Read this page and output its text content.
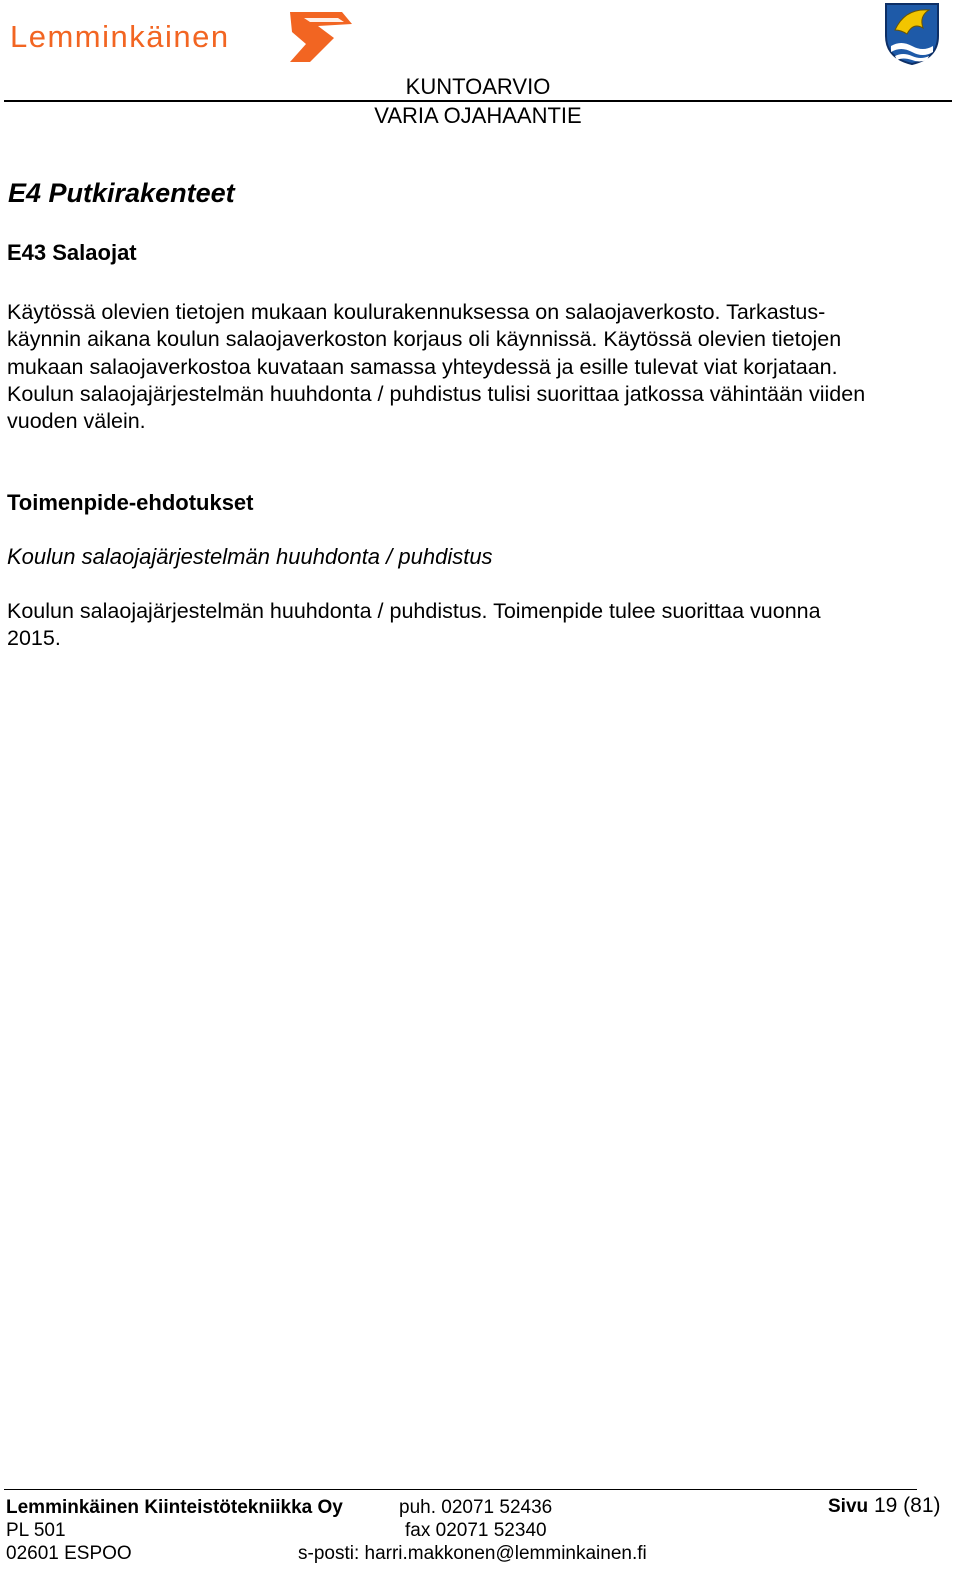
Lemminkäinen
KUNTOARVIO
VARIA OJAHAANTIE
E4 Putkirakenteet
E43 Salaojat
Käytössä olevien tietojen mukaan koulurakennuksessa on salaojaverkosto. Tarkastus-
käynnin aikana koulun salaojaverkoston korjaus oli käynnissä. Käytössä olevien tietojen
mukaan salaojaverkostoa kuvataan samassa yhteydessä ja esille tulevat viat korjataan.
Koulun salaojajärjestelmän huuhdonta / puhdistus tulisi suorittaa jatkossa vähintään viiden
vuoden välein.
Toimenpide-ehdotukset
Koulun salaojajärjestelmän huuhdonta / puhdistus
Koulun salaojajärjestelmän huuhdonta / puhdistus. Toimenpide tulee suorittaa vuonna
2015.
Lemminkäinen Kiinteistötekniikka Oy
PL 501
02601 ESPOO
puh. 02071 52436
fax 02071 52340
s-posti: harri.makkonen@lemminkainen.fi
Sivu 19 (81)
